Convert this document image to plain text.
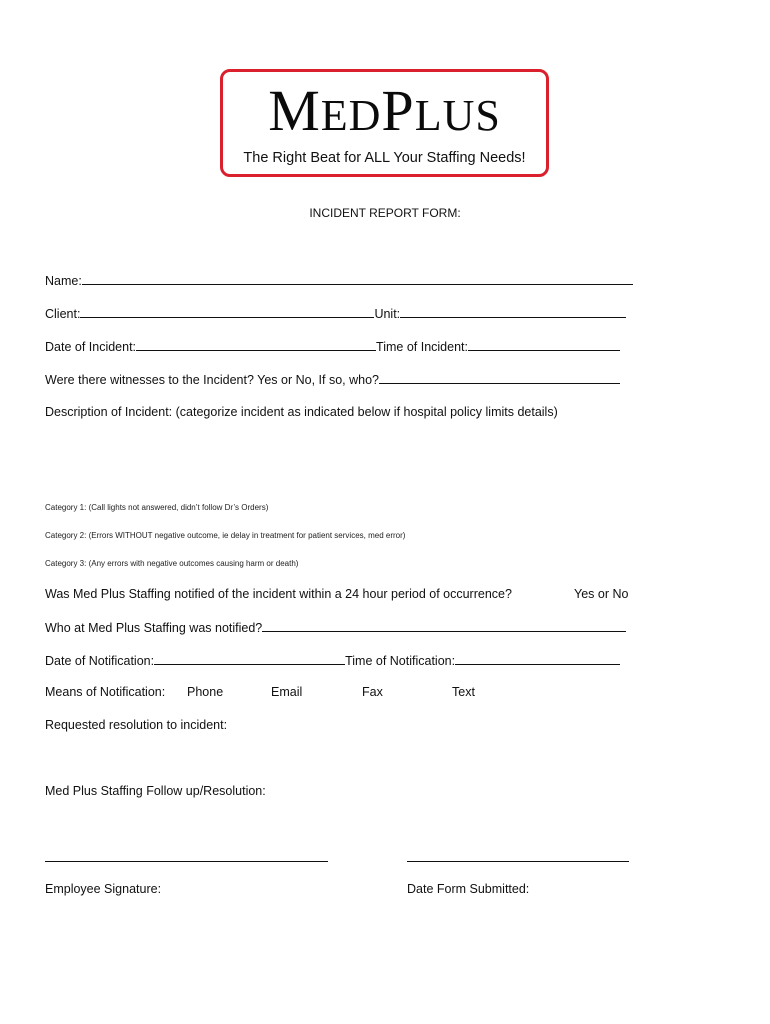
MEDPLUS
The Right Beat for ALL Your Staffing Needs!
INCIDENT REPORT FORM:
Name:
Client:	Unit:
Date of Incident:	Time of Incident:
Were there witnesses to the Incident? Yes or No, If so, who?
Description of Incident: (categorize incident as indicated below if hospital policy limits details)
Category 1: (Call lights not answered, didn’t follow Dr’s Orders)
Category 2: (Errors WITHOUT negative outcome, ie delay in treatment for patient services, med error)
Category 3: (Any errors with negative outcomes causing harm or death)
Was Med Plus Staffing notified of the incident within a 24 hour period of occurrence?	Yes or No
Who at Med Plus Staffing was notified?
Date of Notification:	Time of Notification:
Means of Notification: Phone	Email	Fax	Text
Requested resolution to incident:
Med Plus Staffing Follow up/Resolution:
Employee Signature:	Date Form Submitted:
